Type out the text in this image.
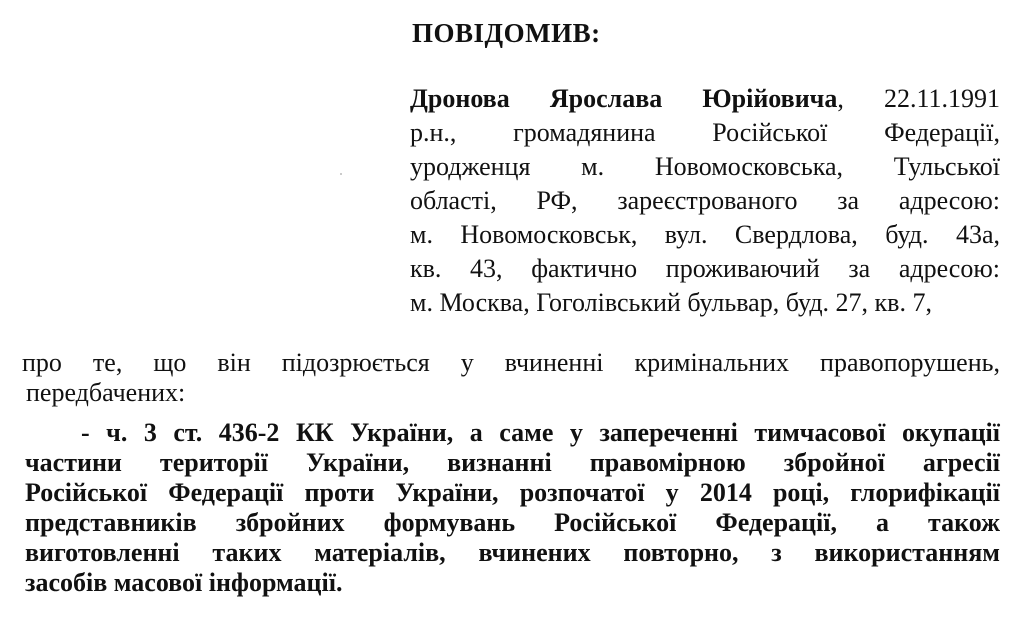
ПОВІДОМИВ:
Дронова Ярослава Юрійовича, 22.11.1991
р.н., громадянина Російської Федерації,
уродженця м. Новомосковська, Тульської
області, РФ, зареєстрованого за адресою:
м. Новомосковськ, вул. Свердлова, буд. 43а,
кв. 43, фактично проживаючий за адресою:
м. Москва, Гоголівський бульвар, буд. 27, кв. 7,
про те, що він підозрюється у вчиненні кримінальних правопорушень,
передбачених:
- ч. 3 ст. 436-2 КК України, а саме у запереченні тимчасової окупації
частини території України, визнанні правомірною збройної агресії
Російської Федерації проти України, розпочатої у 2014 році, глорифікації
представників збройних формувань Російської Федерації, а також
виготовленні таких матеріалів, вчинених повторно, з використанням
засобів масової інформації.
